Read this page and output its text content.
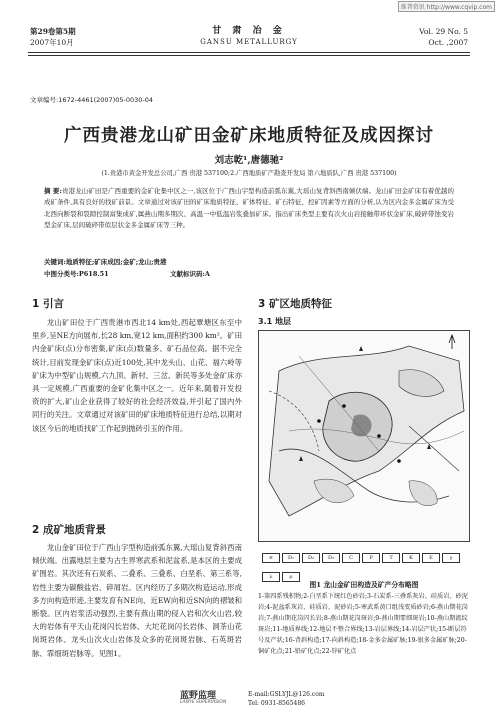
维普资讯 http://www.cqvip.com
第29卷第5期
2007年10月
甘 肃 冶 金
GANSU METALLURGY
Vol. 29 No. 5
Oct. ,2007
文章编号:1672-4461(2007)05-0030-04
广西贵港龙山矿田金矿床地质特征及成因探讨
刘志乾¹,唐德驰²
(1.贵港市黄金开发总公司,广西 贵港 537100;2.广西地质矿产勘查开发局 第六地质队,广西 贵港 537100)
摘 要:贵港龙山矿田是广西重要的金矿化集中区之一,该区位于广西山字型构造前弧东翼,大瑶山复背斜西南倾伏端。龙山矿田金矿床有着优越的成矿条件,具有良好的找矿前景。文章通过对该矿田的矿床地质特征、矿体特征、矿石特征、控矿因素等方面的分析,认为区内金多金属矿床为受北西向断裂和裂隙控制富集成矿,属燕山期多期次、高温一中低温岩浆叠加矿床。指出矿床类型主要有次火山岩接触带环状金矿床,破碎带蚀变岩型金矿床,层间破碎带似层状金多金属矿床等三种。
关键词:地质特征;矿床成因;金矿;龙山;贵港
中图分类号:P618.51	文献标识码:A
1 引言

龙山矿田位于广西贵港市西北14 km处,西起覃塘区东至中里乡,呈NE方向展布,长28 km,宽12 km,面积约300 km²。矿田内金矿床(点)分布密集,矿床(点)数量多、矿石品位高。据不完全统计,目前发现金矿床(点)近100处,其中龙头山、山花、福六岭等矿床为中型矿山规模,六九顶、新村、三岔、新民等多处金矿床亦具一定规模,广西重要的金矿化集中区之一。近年来,随着开发投资的扩大,矿山企业获得了较好的社会经济效益,并引起了国内外同行的关注。文章通过对该矿田的矿床地质特征进行总结,以期对该区今后的地质找矿工作起到抛砖引玉的作用。

2 成矿地质背景

龙山金矿田位于广西山字型构造前弧东翼,大瑶山复背斜西南倾伏端。出露地层主要为古生界寒武系和泥盆系,是本区的主要成矿围岩。其次还有石炭系、二叠系、三叠系、白垩系、第三系等,岩性主要为碳酸盐岩、碎屑岩。区内经历了多期次构造运动,形成多方向构造形迹,主要发育有NE向、近EW向和近SN向的褶皱和断裂。区内岩浆活动强烈,主要有燕山期的侵入岩和次火山岩,较大的岩体有平天山花岗闪长岩体、大坨花岗闪长岩体、洞茶山花岗斑岩体、龙头山次火山岩体及众多的花岗斑岩脉、石英斑岩脉、霏细斑岩脉等。见图1。

3 矿区地质特征
3.1 地层
∈	D₁	D₂	D₃	C	P	T	K	E	γλ	ρ
图1 龙山金矿田构造及矿产分布略图
1-第四系残积物;2-白垩系下统红色砂岩;3-石炭系-三叠系灰岩、硅质岩、砂泥岩;4-泥盆系灰岩、硅质岩、泥砂岩;5-寒武系黄口组浅变质砂岩;6-燕山期花岗岩;7-燕山期花岗闪长岩;8-燕山期花岗斑岩;9-燕山期霏细斑岩;10-燕山期流纹斑岩;11-地质界线;12-地层不整合界线;13-岩层界线;14-岩层产状;15-断层符号及产状;16-背斜构造;17-向斜构造;18-金多金属矿脉;19-银多金属矿脉;20-铜矿化点;21-铅矿化点;22-锌矿化点
蓝野监理
LANYE SUPERVISION
E-mail:GSLYJL@126.com
Tel: 0931-8565486
